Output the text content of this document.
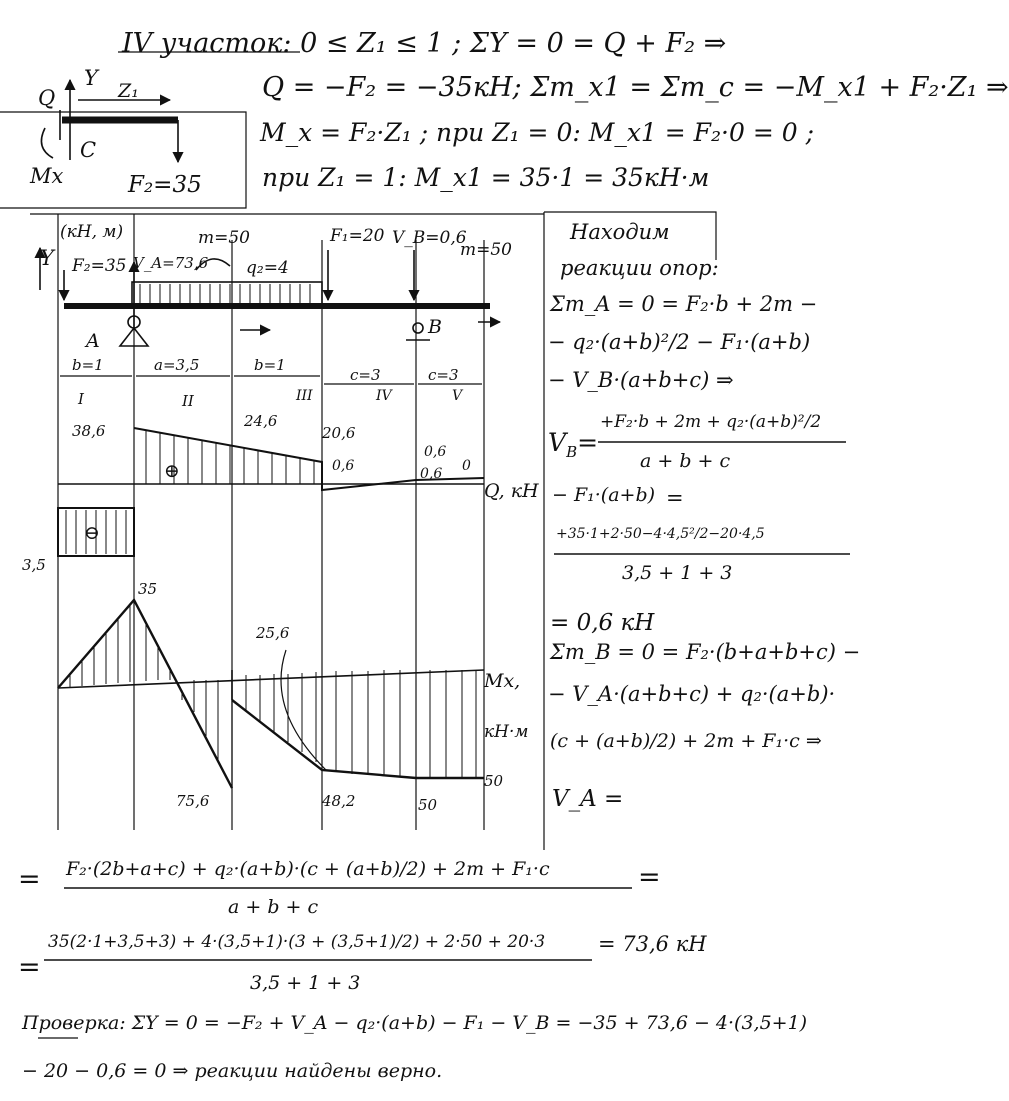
IV участок: 0 ≤ Z₁ ≤ 1 ; ΣY = 0 = Q + F₂ ⇒
Q = −F₂ = −35кН; Σm_x1 = Σm_c = −M_x1 + F₂·Z₁ ⇒
M_x = F₂·Z₁ ; при Z₁ = 0: M_x1 = F₂·0 = 0 ;
при Z₁ = 1: M_x1 = 35·1 = 35кН·м
Q
Y
Z₁
C
Mx	F₂=35
(кН, м)
Y F₂=35 V_A=73,6
m=50
q₂=4
F₁=20 V_B=0,6
m=50
A
B
b=1	a=3,5	b=1
c=3	c=3
I	II	III	IV	V
38,6
24,6
20,6
0,6
0,6
0
0,6
3,5
Q, кН
⊕
⊖
35
25,6
75,6	48,2	50
50
Mx,
кН·м
Находим
реакции опор:
Σm_A = 0 = F₂·b + 2m −
− q₂·(a+b)²/2 − F₁·(a+b)
− V_B·(a+b+c) ⇒
$V_B=$
+F₂·b + 2m + q₂·(a+b)²/2
a + b + c
− F₁·(a+b) =
+35·1+2·50−4·4,5²/2−20·4,5
3,5 + 1 + 3
= 0,6 кН
Σm_B = 0 = F₂·(b+a+b+c) −
− V_A·(a+b+c) + q₂·(a+b)·
(c + (a+b)/2) + 2m + F₁·c ⇒
V_A =
= F₂·(2b+a+c) + q₂·(a+b)·(c + (a+b)/2) + 2m + F₁·c
a + b + c
=
=
35(2·1+3,5+3) + 4·(3,5+1)·(3 + (3,5+1)/2) + 2·50 + 20·3
3,5 + 1 + 3
= 73,6 кН
Проверка: ΣY = 0 = −F₂ + V_A − q₂·(a+b) − F₁ − V_B = −35 + 73,6 − 4·(3,5+1)
− 20 − 0,6 = 0 ⇒ реакции найдены верно.
